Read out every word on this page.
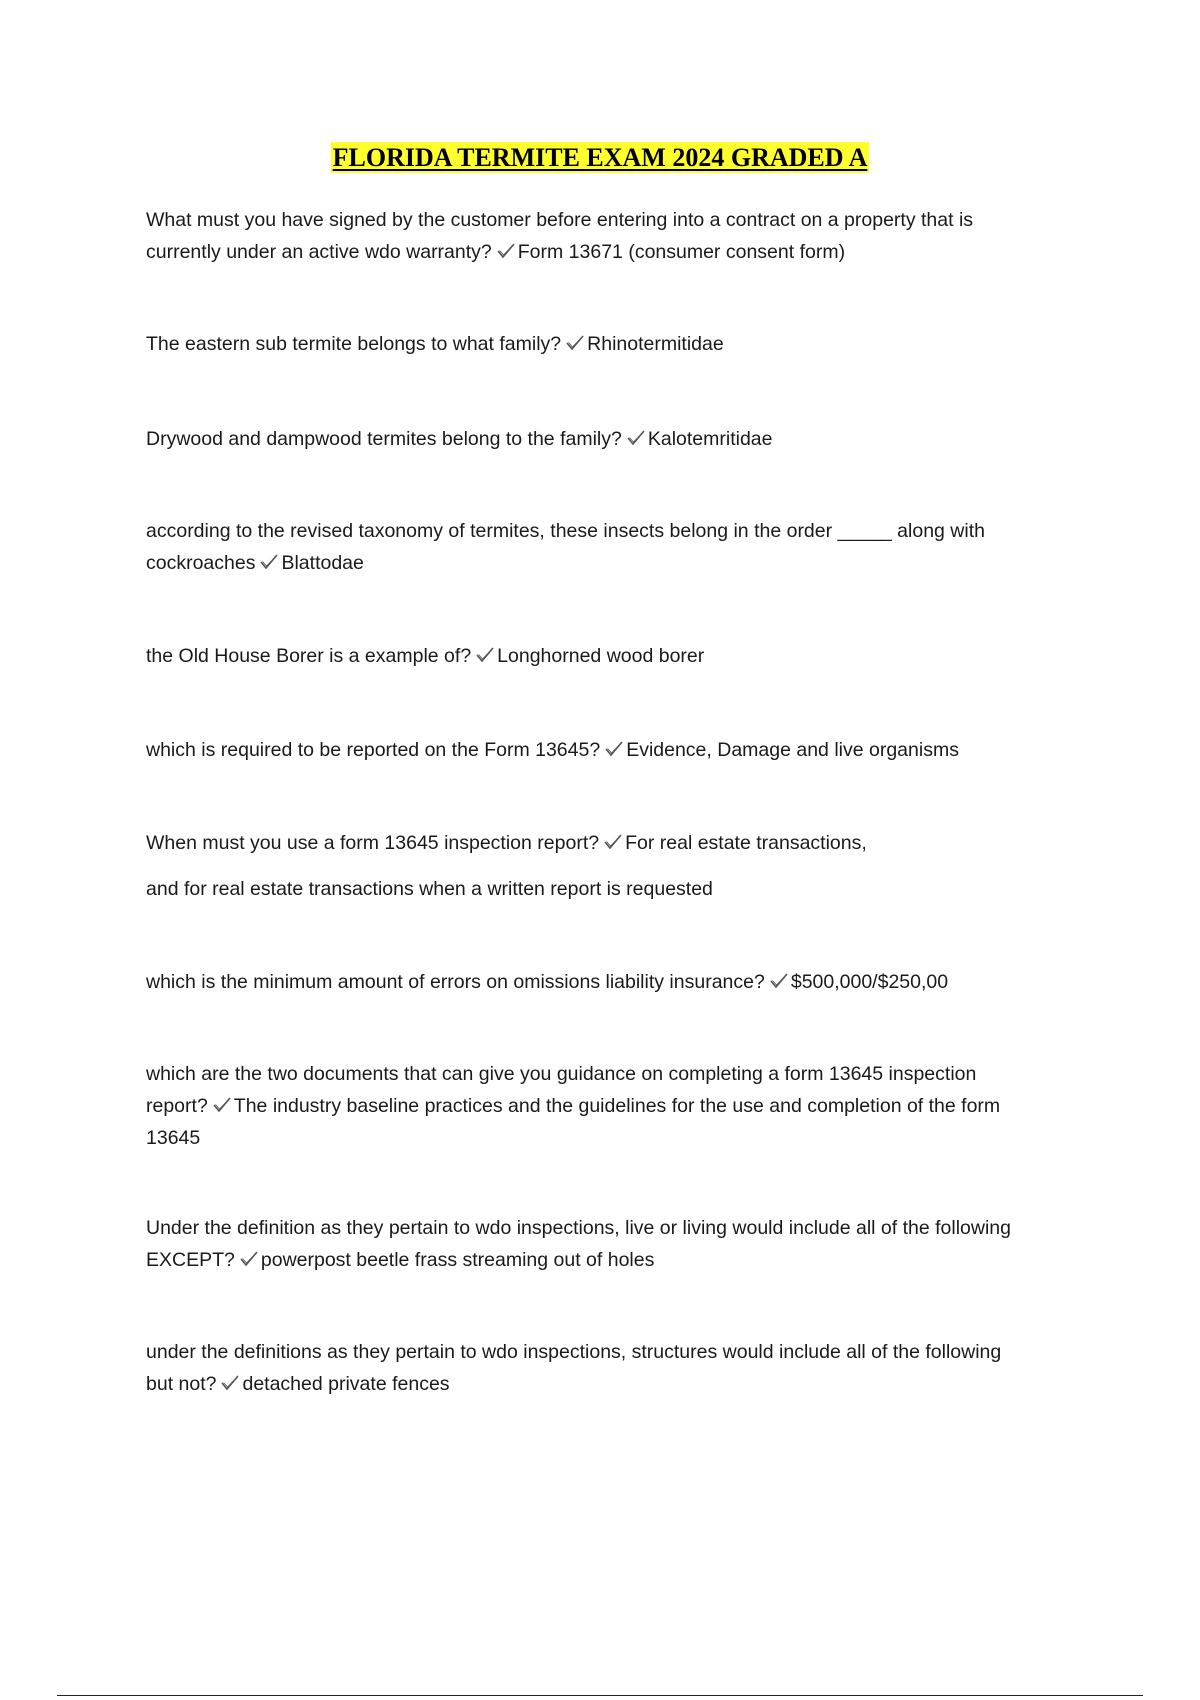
FLORIDA TERMITE EXAM 2024 GRADED A
What must you have signed by the customer before entering into a contract on a property that is
currently under an active wdo warranty? Form 13671 (consumer consent form)
The eastern sub termite belongs to what family? Rhinotermitidae
Drywood and dampwood termites belong to the family? Kalotemritidae
according to the revised taxonomy of termites, these insects belong in the order _____ along with
cockroaches Blattodae
the Old House Borer is a example of? Longhorned wood borer
which is required to be reported on the Form 13645? Evidence, Damage and live organisms
When must you use a form 13645 inspection report? For real estate transactions,
and for real estate transactions when a written report is requested
which is the minimum amount of errors on omissions liability insurance? $500,000/$250,00
which are the two documents that can give you guidance on completing a form 13645 inspection
report? The industry baseline practices and the guidelines for the use and completion of the form
13645
Under the definition as they pertain to wdo inspections, live or living would include all of the following
EXCEPT? powerpost beetle frass streaming out of holes
under the definitions as they pertain to wdo inspections, structures would include all of the following
but not? detached private fences
